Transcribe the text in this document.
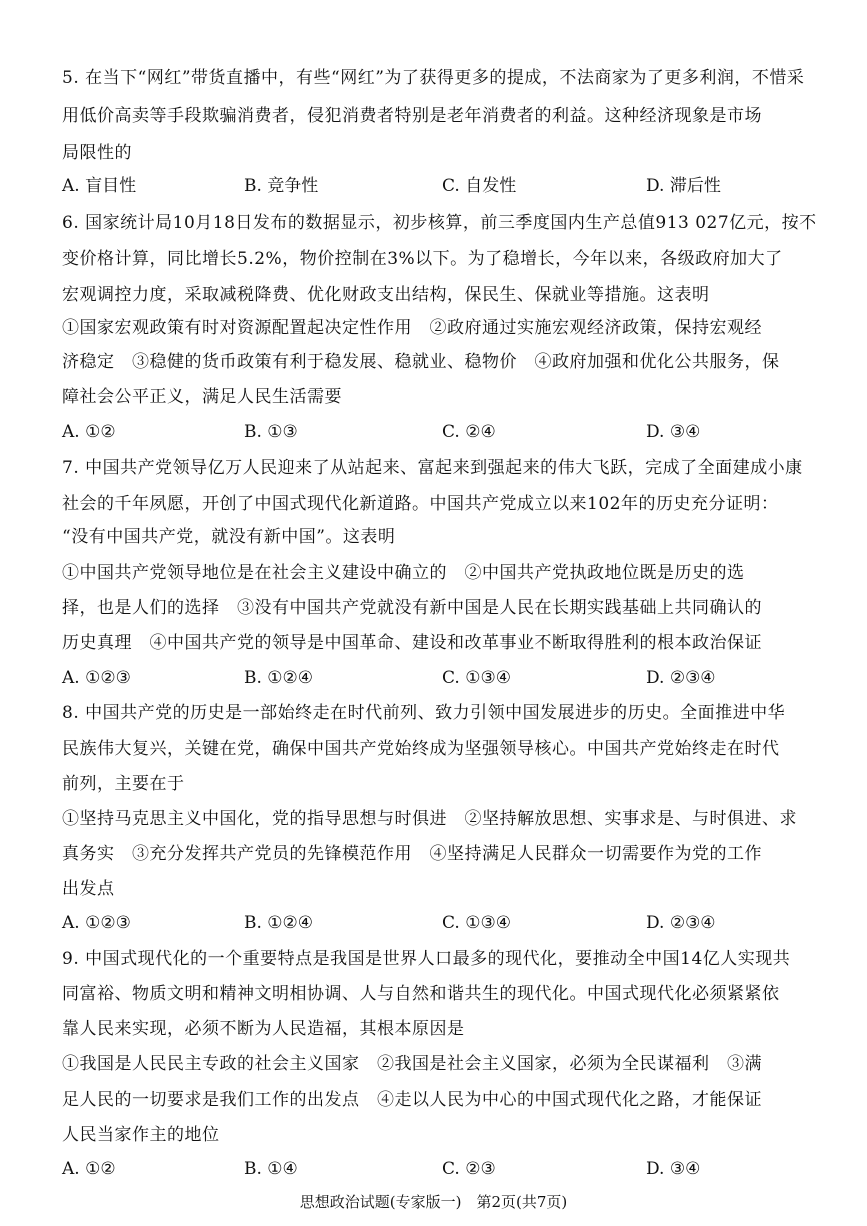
5. 在当下“网红”带货直播中，有些“网红”为了获得更多的提成，不法商家为了更多利润，不惜采
用低价高卖等手段欺骗消费者，侵犯消费者特别是老年消费者的利益。这种经济现象是市场
局限性的
A. 盲目性	B. 竞争性	C. 自发性	D. 滞后性
6. 国家统计局10月18日发布的数据显示，初步核算，前三季度国内生产总值913 027亿元，按不
变价格计算，同比增长5.2%，物价控制在3%以下。为了稳增长，今年以来，各级政府加大了
宏观调控力度，采取减税降费、优化财政支出结构，保民生、保就业等措施。这表明
①国家宏观政策有时对资源配置起决定性作用　②政府通过实施宏观经济政策，保持宏观经
济稳定　③稳健的货币政策有利于稳发展、稳就业、稳物价　④政府加强和优化公共服务，保
障社会公平正义，满足人民生活需要
A. ①②	B. ①③	C. ②④	D. ③④
7. 中国共产党领导亿万人民迎来了从站起来、富起来到强起来的伟大飞跃，完成了全面建成小康
社会的千年夙愿，开创了中国式现代化新道路。中国共产党成立以来102年的历史充分证明：
“没有中国共产党，就没有新中国”。这表明
①中国共产党领导地位是在社会主义建设中确立的　②中国共产党执政地位既是历史的选
择，也是人们的选择　③没有中国共产党就没有新中国是人民在长期实践基础上共同确认的
历史真理　④中国共产党的领导是中国革命、建设和改革事业不断取得胜利的根本政治保证
A. ①②③	B. ①②④	C. ①③④	D. ②③④
8. 中国共产党的历史是一部始终走在时代前列、致力引领中国发展进步的历史。全面推进中华
民族伟大复兴，关键在党，确保中国共产党始终成为坚强领导核心。中国共产党始终走在时代
前列，主要在于
①坚持马克思主义中国化，党的指导思想与时俱进　②坚持解放思想、实事求是、与时俱进、求
真务实　③充分发挥共产党员的先锋模范作用　④坚持满足人民群众一切需要作为党的工作
出发点
A. ①②③	B. ①②④	C. ①③④	D. ②③④
9. 中国式现代化的一个重要特点是我国是世界人口最多的现代化，要推动全中国14亿人实现共
同富裕、物质文明和精神文明相协调、人与自然和谐共生的现代化。中国式现代化必须紧紧依
靠人民来实现，必须不断为人民造福，其根本原因是
①我国是人民民主专政的社会主义国家　②我国是社会主义国家，必须为全民谋福利　③满
足人民的一切要求是我们工作的出发点　④走以人民为中心的中国式现代化之路，才能保证
人民当家作主的地位
A. ①②	B. ①④	C. ②③	D. ③④
思想政治试题(专家版一)　第2页(共7页)
